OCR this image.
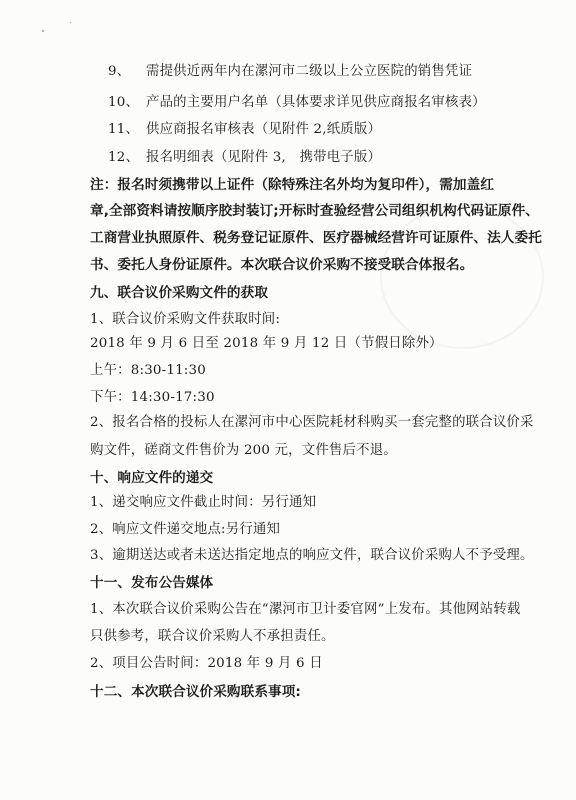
9、 需提供近两年内在漯河市二级以上公立医院的销售凭证
10、 产品的主要用户名单（具体要求详见供应商报名审核表）
11、 供应商报名审核表（见附件 2,纸质版）
12、 报名明细表（见附件 3,　携带电子版）
注：报名时须携带以上证件（除特殊注名外均为复印件），需加盖红
章,全部资料请按顺序胶封装订;开标时查验经营公司组织机构代码证原件、
工商营业执照原件、税务登记证原件、医疗器械经营许可证原件、法人委托
书、委托人身份证原件。本次联合议价采购不接受联合体报名。
九、联合议价采购文件的获取
1、联合议价采购文件获取时间:
2018 年 9 月 6 日至 2018 年 9 月 12 日（节假日除外）
上午：8:30-11:30
下午：14:30-17:30
2、报名合格的投标人在漯河市中心医院耗材科购买一套完整的联合议价采
购文件，磋商文件售价为 200 元，文件售后不退。
十、响应文件的递交
1、递交响应文件截止时间：另行通知
2、响应文件递交地点:另行通知
3、逾期送达或者未送达指定地点的响应文件，联合议价采购人不予受理。
十一、发布公告媒体
1、本次联合议价采购公告在“漯河市卫计委官网”上发布。其他网站转载
只供参考，联合议价采购人不承担责任。
2、项目公告时间：2018 年 9 月 6 日
十二、本次联合议价采购联系事项:
